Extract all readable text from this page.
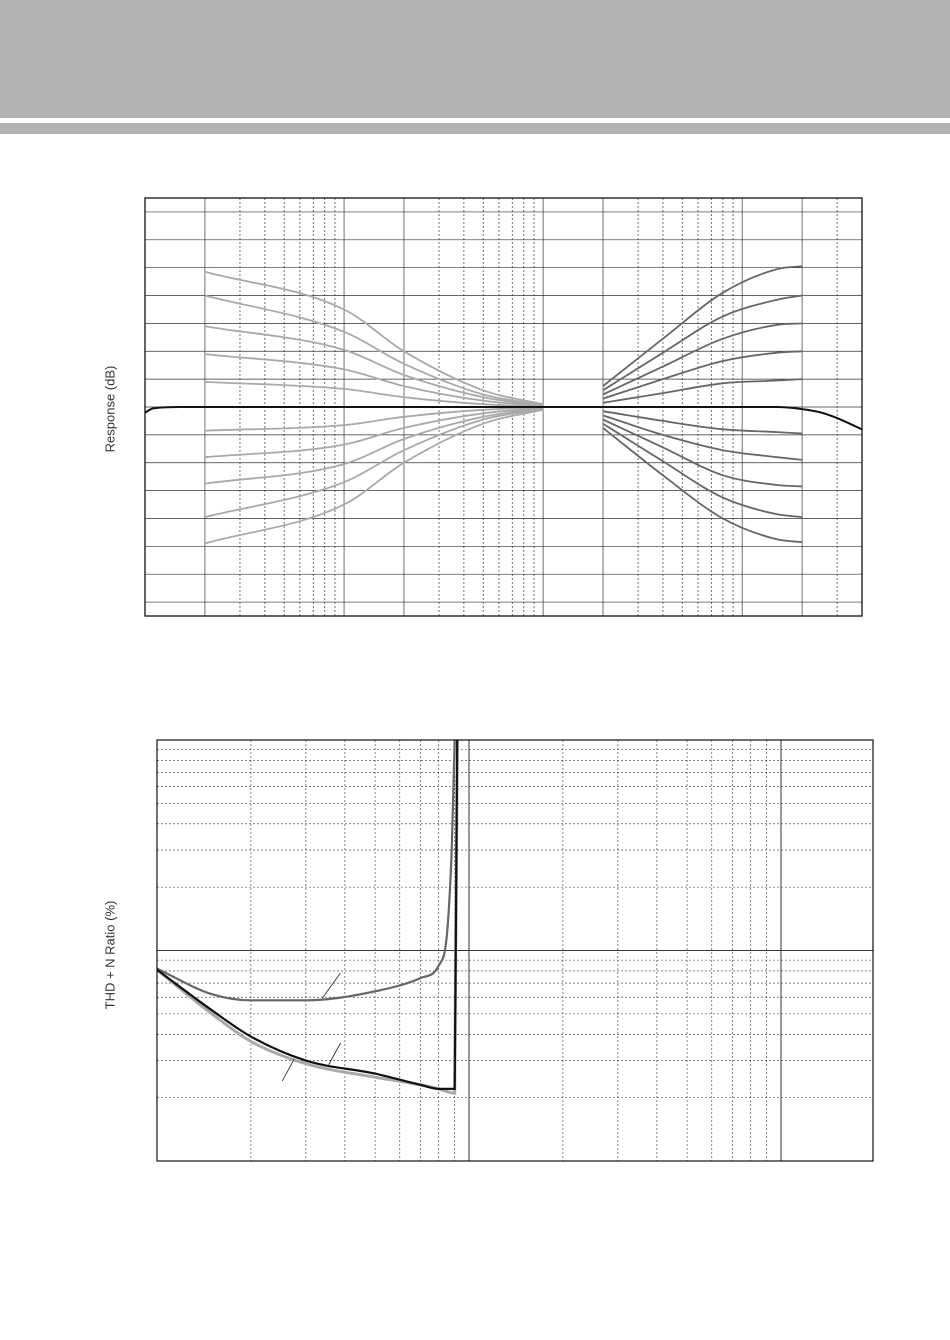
Response (dB)
THD + N Ratio (%)
